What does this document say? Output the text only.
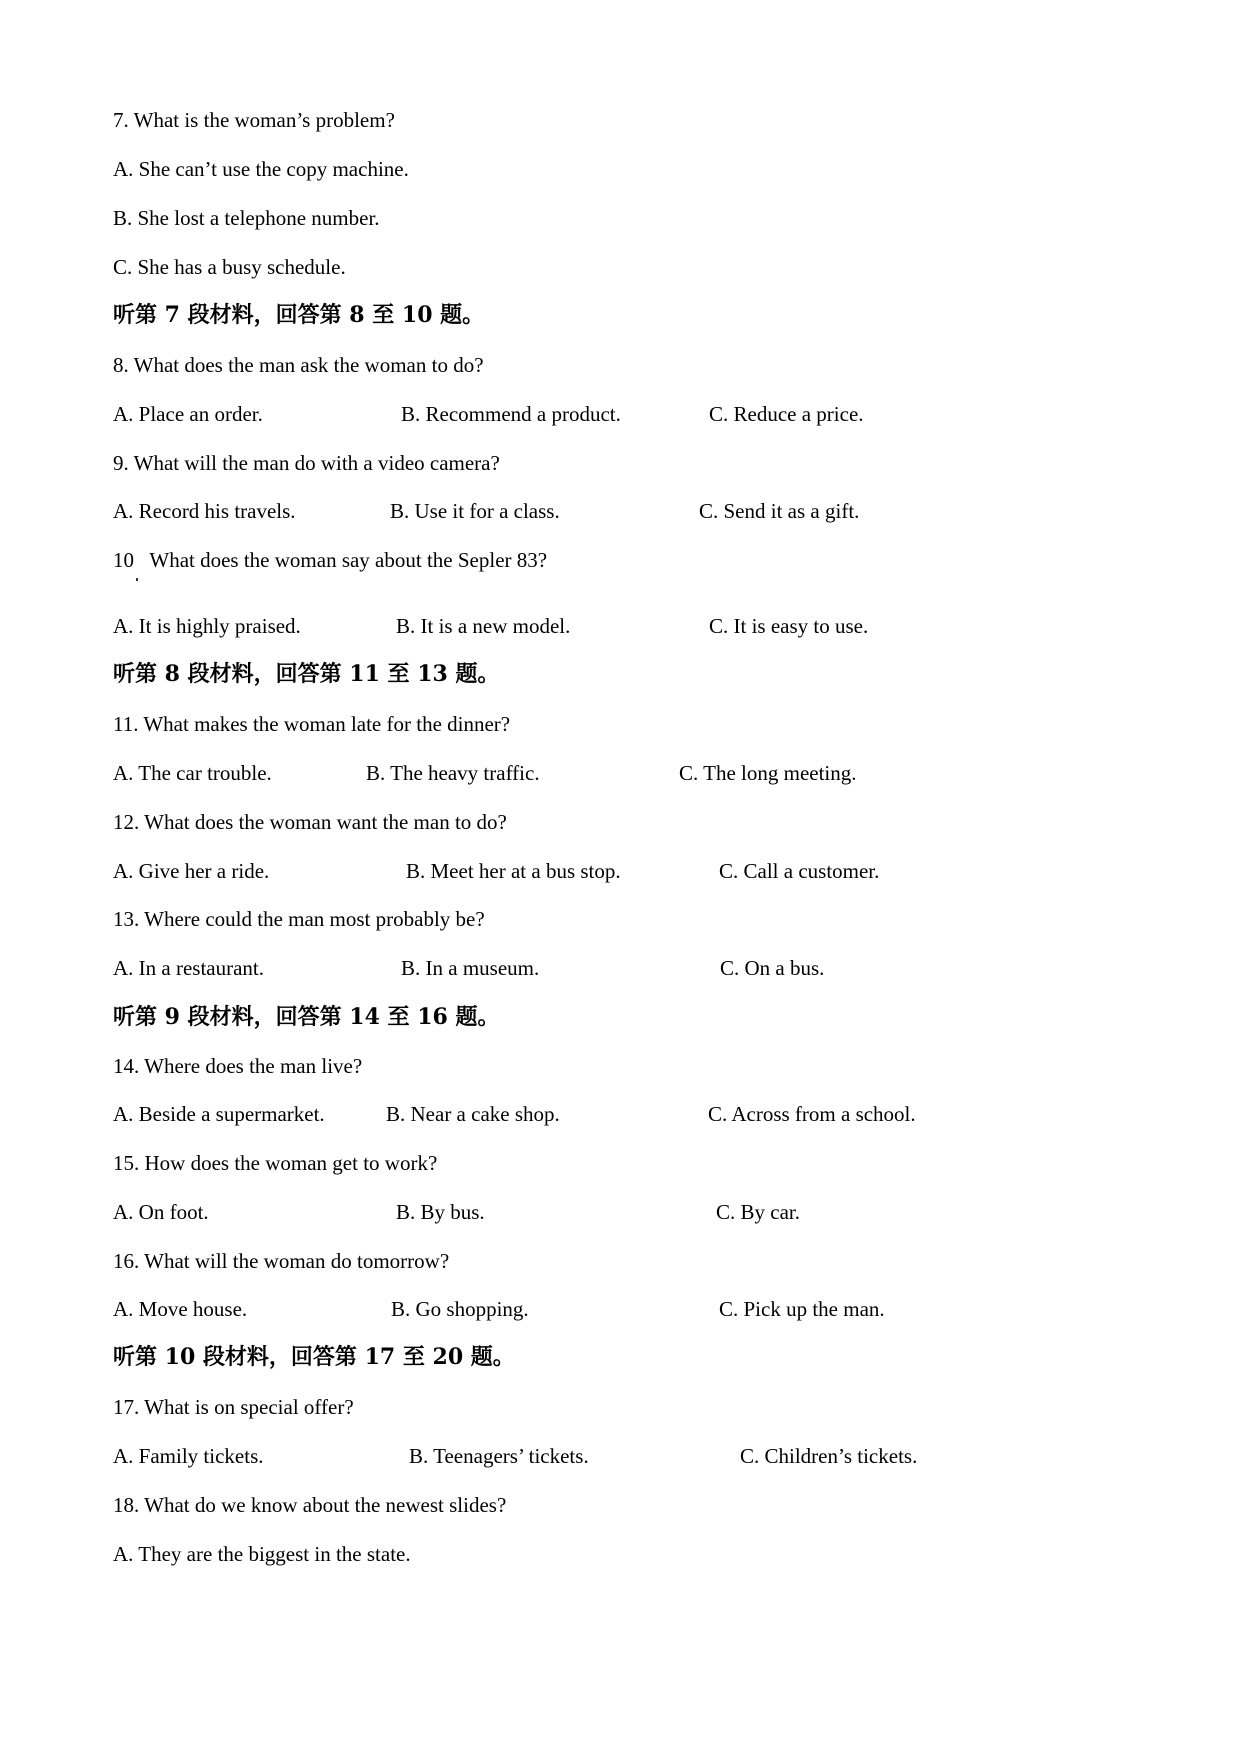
7. What is the woman’s problem?
A. She can’t use the copy machine.
B. She lost a telephone number.
C. She has a busy schedule.
听第 7 段材料，回答第 8 至 10 题。
8. What does the man ask the woman to do?
A. Place an order.	B. Recommend a product.	C. Reduce a price.
9. What will the man do with a video camera?
A. Record his travels.	B. Use it for a class.	C. Send it as a gift.
10   What does the woman say about the Sepler 83?
A. It is highly praised.	B. It is a new model.	C. It is easy to use.
听第 8 段材料，回答第 11 至 13 题。
11. What makes the woman late for the dinner?
A. The car trouble.	B. The heavy traffic.	C. The long meeting.
12. What does the woman want the man to do?
A. Give her a ride.	B. Meet her at a bus stop.	C. Call a customer.
13. Where could the man most probably be?
A. In a restaurant.	B. In a museum.	C. On a bus.
听第 9 段材料，回答第 14 至 16 题。
14. Where does the man live?
A. Beside a supermarket.	B. Near a cake shop.	C. Across from a school.
15. How does the woman get to work?
A. On foot.	B. By bus.	C. By car.
16. What will the woman do tomorrow?
A. Move house.	B. Go shopping.	C. Pick up the man.
听第 10 段材料，回答第 17 至 20 题。
17. What is on special offer?
A. Family tickets.	B. Teenagers’ tickets.	C. Children’s tickets.
18. What do we know about the newest slides?
A. They are the biggest in the state.
